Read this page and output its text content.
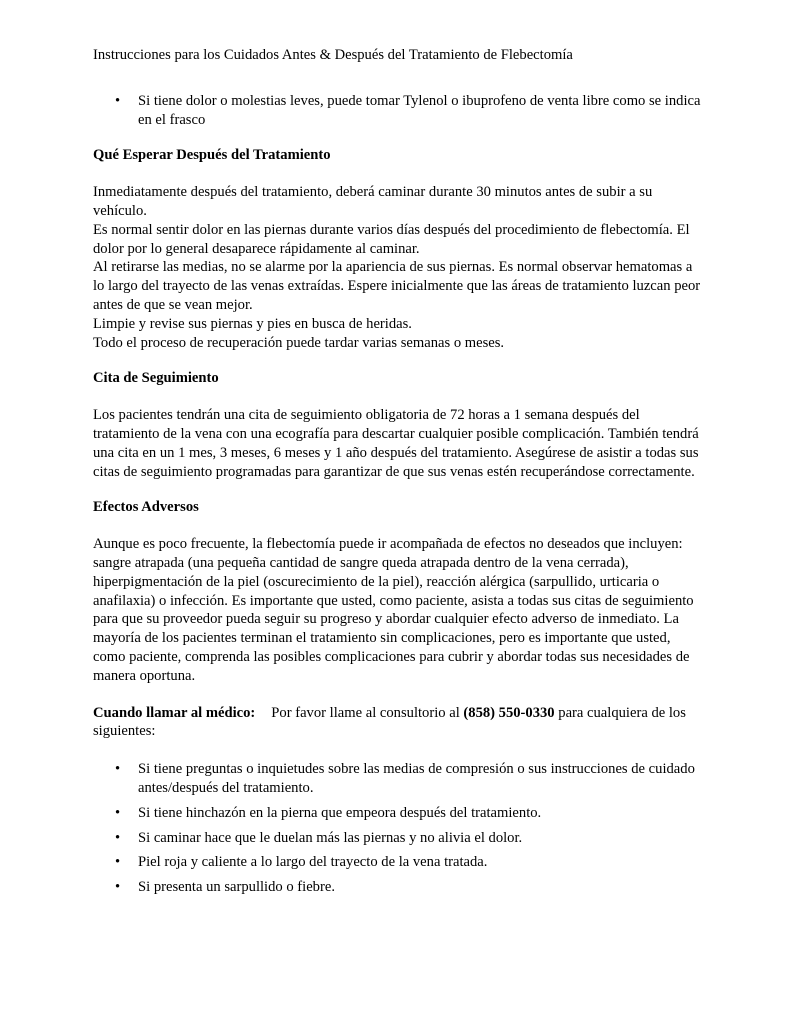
Instrucciones para los Cuidados Antes & Después del Tratamiento de Flebectomía

• Si tiene dolor o molestias leves, puede tomar Tylenol o ibuprofeno de venta libre como se indica en el frasco

Qué Esperar Después del Tratamiento

Inmediatamente después del tratamiento, deberá caminar durante 30 minutos antes de subir a su vehículo.

Es normal sentir dolor en las piernas durante varios días después del procedimiento de flebectomía. El dolor por lo general desaparece rápidamente al caminar.

Al retirarse las medias, no se alarme por la apariencia de sus piernas. Es normal observar hematomas a lo largo del trayecto de las venas extraídas. Espere inicialmente que las áreas de tratamiento luzcan peor antes de que se vean mejor.

Limpie y revise sus piernas y pies en busca de heridas.

Todo el proceso de recuperación puede tardar varias semanas o meses.

Cita de Seguimiento

Los pacientes tendrán una cita de seguimiento obligatoria de 72 horas a 1 semana después del tratamiento de la vena con una ecografía para descartar cualquier posible complicación. También tendrá una cita en un 1 mes, 3 meses, 6 meses y 1 año después del tratamiento. Asegúrese de asistir a todas sus citas de seguimiento programadas para garantizar de que sus venas estén recuperándose correctamente.

Efectos Adversos

Aunque es poco frecuente, la flebectomía puede ir acompañada de efectos no deseados que incluyen: sangre atrapada (una pequeña cantidad de sangre queda atrapada dentro de la vena cerrada), hiperpigmentación de la piel (oscurecimiento de la piel), reacción alérgica (sarpullido, urticaria o anafilaxia) o infección. Es importante que usted, como paciente, asista a todas sus citas de seguimiento para que su proveedor pueda seguir su progreso y abordar cualquier efecto adverso de inmediato. La mayoría de los pacientes terminan el tratamiento sin complicaciones, pero es importante que usted, como paciente, comprenda las posibles complicaciones para cubrir y abordar todas sus necesidades de manera oportuna.

Cuando llamar al médico: Por favor llame al consultorio al (858) 550-0330 para cualquiera de los siguientes:

• Si tiene preguntas o inquietudes sobre las medias de compresión o sus instrucciones de cuidado antes/después del tratamiento.
• Si tiene hinchazón en la pierna que empeora después del tratamiento.
• Si caminar hace que le duelan más las piernas y no alivia el dolor.
• Piel roja y caliente a lo largo del trayecto de la vena tratada.
• Si presenta un sarpullido o fiebre.
